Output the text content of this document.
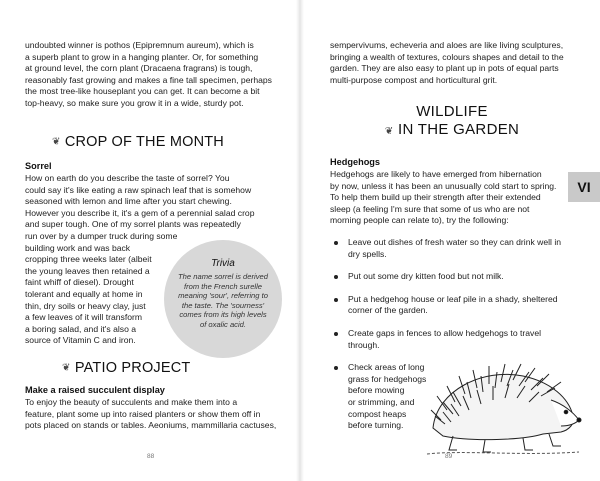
undoubted winner is pothos (Epipremnum aureum), which is
a superb plant to grow in a hanging planter. Or, for something
at ground level, the corn plant (Dracaena fragrans) is tough,
reasonably fast growing and makes a fine tall specimen, perhaps
the most tree-like houseplant you can get. It can become a bit
top-heavy, so make sure you grow it in a wide, sturdy pot.
❦ CROP OF THE MONTH
Sorrel
How on earth do you describe the taste of sorrel? You
could say it's like eating a raw spinach leaf that is somehow
seasoned with lemon and lime after you start chewing.
However you describe it, it's a gem of a perennial salad crop
and super tough. One of my sorrel plants was repeatedly
run over by a dumper truck during some
building work and was back
cropping three weeks later (albeit
the young leaves then retained a
faint whiff of diesel). Drought
tolerant and equally at home in
thin, dry soils or heavy clay, just
a few leaves of it will transform
a boring salad, and it's also a
source of Vitamin C and iron.
Trivia
The name sorrel is derived from the French surelle meaning 'sour', referring to the taste. The 'sourness' comes from its high levels of oxalic acid.
❦ PATIO PROJECT
Make a raised succulent display
To enjoy the beauty of succulents and make them into a
feature, plant some up into raised planters or show them off in
pots placed on stands or tables. Aeoniums, mammillaria cactuses,
88
sempervivums, echeveria and aloes are like living sculptures,
bringing a wealth of textures, colours shapes and detail to the
garden. They are also easy to plant up in pots of equal parts
multi-purpose compost and horticultural grit.
WILDLIFE
❦ IN THE GARDEN
Hedgehogs
Hedgehogs are likely to have emerged from hibernation
by now, unless it has been an unusually cold start to spring.
To help them build up their strength after their extended
sleep (a feeling I'm sure that some of us who are not
morning people can relate to), try the following:
Leave out dishes of fresh water so they can drink well in
dry spells.
Put out some dry kitten food but not milk.
Put a hedgehog house or leaf pile in a shady, sheltered
corner of the garden.
Create gaps in fences to allow hedgehogs to travel through.
Check areas of long
grass for hedgehogs
before mowing
or strimming, and
compost heaps
before turning.
VI
89
